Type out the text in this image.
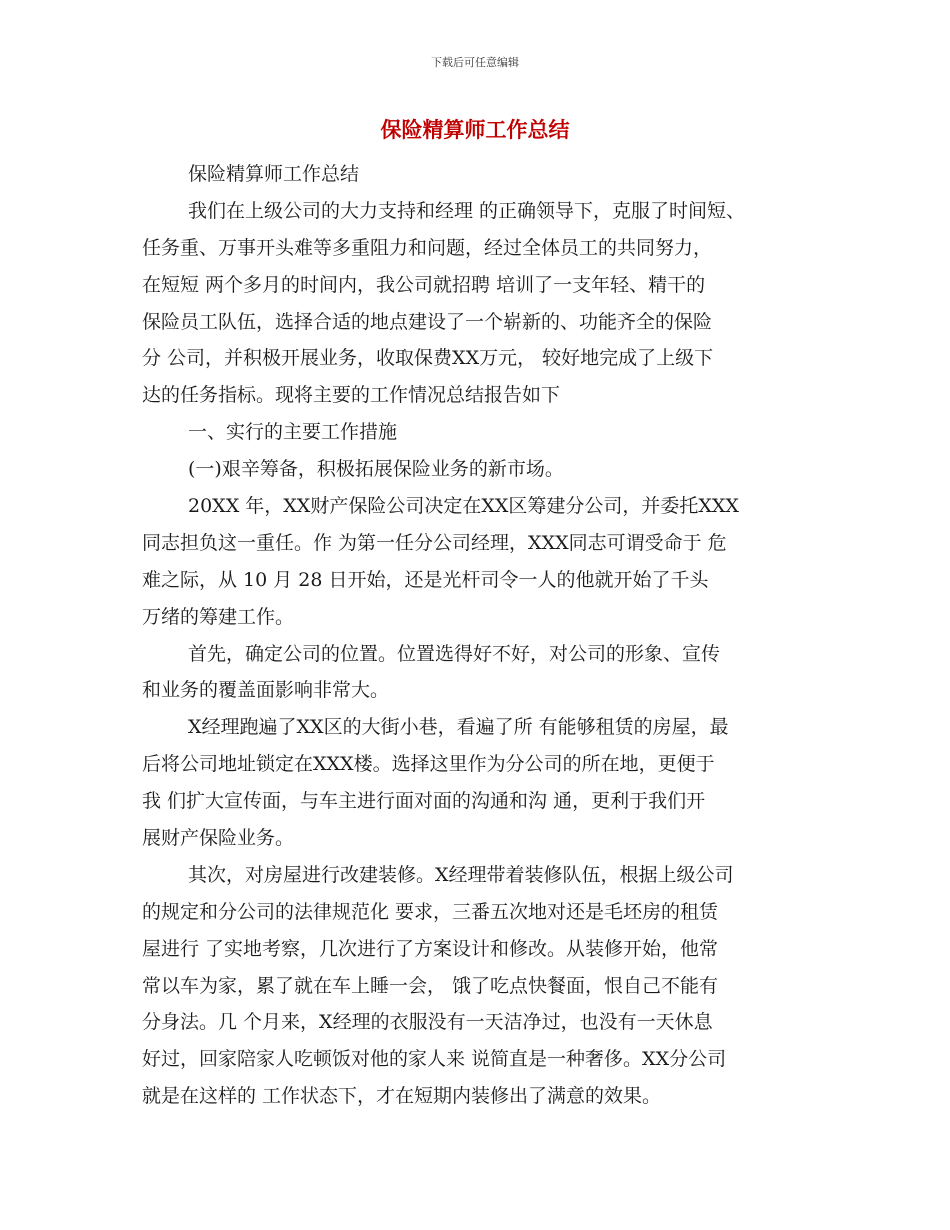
下载后可任意编辑
保险精算师工作总结
保险精算师工作总结
我们在上级公司的大力支持和经理 的正确领导下，克服了时间短、
任务重、万事开头难等多重阻力和问题，经过全体员工的共同努力，
在短短 两个多月的时间内，我公司就招聘 培训了一支年轻、精干的
保险员工队伍，选择合适的地点建设了一个崭新的、功能齐全的保险
分 公司，并积极开展业务，收取保费XX万元， 较好地完成了上级下
达的任务指标。现将主要的工作情况总结报告如下
一、实行的主要工作措施
(一)艰辛筹备，积极拓展保险业务的新市场。
20XX 年，XX财产保险公司决定在XX区筹建分公司，并委托XXX
同志担负这一重任。作 为第一任分公司经理，XXX同志可谓受命于 危
难之际，从 10 月 28 日开始，还是光杆司令一人的他就开始了千头
万绪的筹建工作。
首先，确定公司的位置。位置选得好不好，对公司的形象、宣传
和业务的覆盖面影响非常大。
X经理跑遍了XX区的大街小巷，看遍了所 有能够租赁的房屋，最
后将公司地址锁定在XXX楼。选择这里作为分公司的所在地，更便于
我 们扩大宣传面，与车主进行面对面的沟通和沟 通，更利于我们开
展财产保险业务。
其次，对房屋进行改建装修。X经理带着装修队伍，根据上级公司
的规定和分公司的法律规范化 要求，三番五次地对还是毛坯房的租赁
屋进行 了实地考察，几次进行了方案设计和修改。从装修开始，他常
常以车为家，累了就在车上睡一会， 饿了吃点快餐面，恨自己不能有
分身法。几 个月来，X经理的衣服没有一天洁净过，也没有一天休息
好过，回家陪家人吃顿饭对他的家人来 说简直是一种奢侈。XX分公司
就是在这样的 工作状态下，才在短期内装修出了满意的效果。
